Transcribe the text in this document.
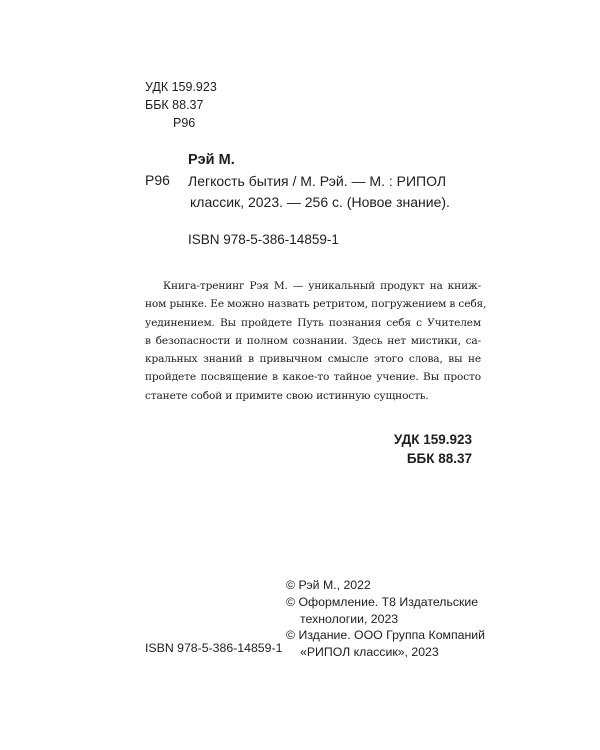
УДК 159.923
ББК 88.37
Р96
Р96
Рэй М.
Легкость бытия / М. Рэй. — М. : РИПОЛ
классик, 2023. — 256 с. (Новое знание).
ISBN 978-5-386-14859-1
Книга-тренинг Рэя М. — уникальный продукт на книж-
ном рынке. Ее можно назвать ретритом, погружением в себя,
уединением. Вы пройдете Путь познания себя с Учителем
в безопасности и полном сознании. Здесь нет мистики, са-
кральных знаний в привычном смысле этого слова, вы не
пройдете посвящение в какое-то тайное учение. Вы просто
станете собой и примите свою истинную сущность.
УДК 159.923
ББК 88.37
© Рэй М., 2022
© Оформление. Т8 Издательские
технологии, 2023
© Издание. ООО Группа Компаний
«РИПОЛ классик», 2023
ISBN 978-5-386-14859-1
